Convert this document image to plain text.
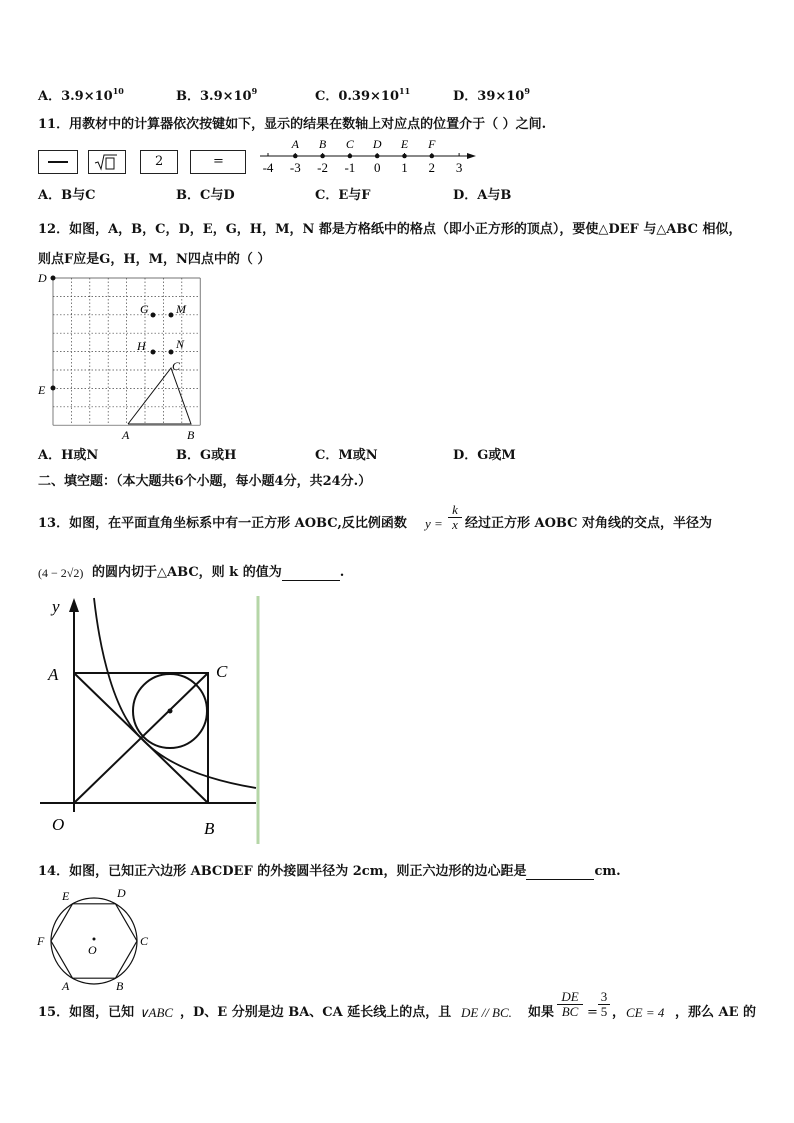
A．$3.9\times 10^{10}$	B．$3.9\times 10^9$	C．$0.39\times 10^{11}$	D．$39\times 10^9$
11．用教材中的计算器依次按键如下，显示的结果在数轴上对应点的位置介于（ ）之间.
2	=	-4 -3 -2 -1 0 1 2 3
A B C D E F
A．B与C	B．C与D	C．E与F	D．A与B
12．如图，A，B，C，D，E，G，H，M，N 都是方格纸中的格点（即小正方形的顶点），要使△DEF 与△ABC 相似，
则点F应是G，H，M，N四点中的（ ）
D
G M
H	N
C
E
A	B
A．H或N	B．G或H	C．M或N	D．G或M
二、填空题：（本大题共6个小题，每小题4分，共24分.）
13．如图，在平面直角坐标系中有一正方形 AOBC,反比例函数 $y = \frac{k}{x}$ 经过正方形 AOBC 对角线的交点，半径为
(4 − 2√2) 的圆内切于△ABC，则 k 的值为	.
y
A	C
O	B
14．如图，已知正六边形 ABCDEF 的外接圆半径为 2cm，则正六边形的边心距是	cm.
E	D
F	C
O
A	B
15．如图，已知 ∨ABC ，D、E 分别是边 BA、CA 延长线上的点，且 DE // BC. 如果 $\frac{DE}{BC} = \frac{3}{5}$ ， CE = 4 ，那么 AE 的
